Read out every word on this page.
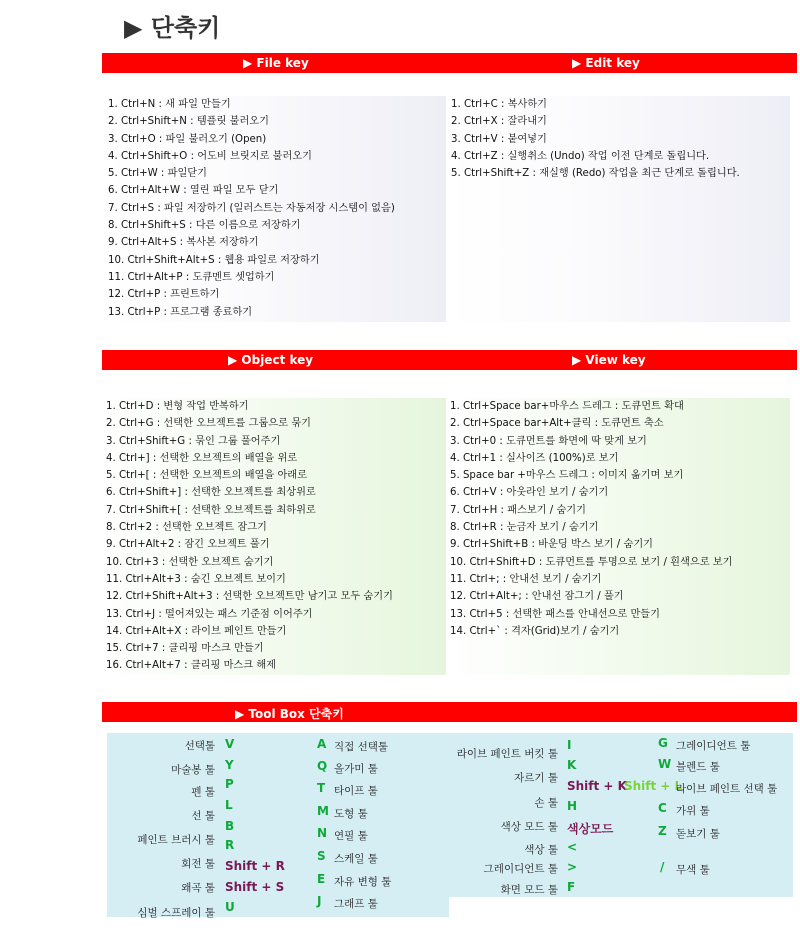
▶ 단축키
▶ File key	▶ Edit key
1. Ctrl+N : 새 파일 만들기
2. Ctrl+Shift+N : 템플릿 불러오기
3. Ctrl+O : 파일 불러오기 (Open)
4. Ctrl+Shift+O : 어도비 브릿지로 불러오기
5. Ctrl+W : 파일닫기
6. Ctrl+Alt+W : 열린 파일 모두 닫기
7. Ctrl+S : 파일 저장하기 (일러스트는 자동저장 시스템이 없음)
8. Ctrl+Shift+S : 다른 이름으로 저장하기
9. Ctrl+Alt+S : 복사본 저장하기
10. Ctrl+Shift+Alt+S : 웹용 파일로 저장하기
11. Ctrl+Alt+P : 도큐멘트 셋업하기
12. Ctrl+P : 프린트하기
13. Ctrl+P : 프로그램 종료하기
1. Ctrl+C : 복사하기
2. Ctrl+X : 잘라내기
3. Ctrl+V : 붙여넣기
4. Ctrl+Z : 실행취소 (Undo) 작업 이전 단계로 돌립니다.
5. Ctrl+Shift+Z : 재실행 (Redo) 작업을 최근 단계로 돌립니다.
▶ Object key	▶ View key
1. Ctrl+D : 변형 작업 반복하기
2. Ctrl+G : 선택한 오브젝트를 그룹으로 묶기
3. Ctrl+Shift+G : 묶인 그룹 풀어주기
4. Ctrl+] : 선택한 오브젝트의 배열을 위로
5. Ctrl+[ : 선택한 오브젝트의 배열을 아래로
6. Ctrl+Shift+] : 선택한 오브젝트를 최상위로
7. Ctrl+Shift+[ : 선택한 오브젝트를 최하위로
8. Ctrl+2 : 선택한 오브젝트 잠그기
9. Ctrl+Alt+2 : 잠긴 오브젝트 풀기
10. Ctrl+3 : 선택한 오브젝트 숨기기
11. Ctrl+Alt+3 : 숨긴 오브젝트 보이기
12. Ctrl+Shift+Alt+3 : 선택한 오브젝트만 남기고 모두 숨기기
13. Ctrl+J : 떨어져있는 패스 기준점 이어주기
14. Ctrl+Alt+X : 라이브 페인트 만들기
15. Ctrl+7 : 클리핑 마스크 만들기
16. Ctrl+Alt+7 : 클리핑 마스크 해제
1. Ctrl+Space bar+마우스 드레그 : 도큐먼트 확대
2. Ctrl+Space bar+Alt+클릭 : 도큐먼트 축소
3. Ctrl+0 : 도큐먼트를 화면에 딱 맞게 보기
4. Ctrl+1 : 실사이즈 (100%)로 보기
5. Space bar +마우스 드레그 : 이미지 옮기며 보기
6. Ctrl+V : 아웃라인 보기 / 숨기기
7. Ctrl+H : 패스보기 / 숨기기
8. Ctrl+R : 눈금자 보기 / 숨기기
9. Ctrl+Shift+B : 바운딩 박스 보기 / 숨기기
10. Ctrl+Shift+D : 도큐먼트를 투명으로 보기 / 흰색으로 보기
11. Ctrl+; : 안내선 보기 / 숨기기
12. Ctrl+Alt+; : 안내선 잠그기 / 풀기
13. Ctrl+5 : 선택한 패스를 안내선으로 만들기
14. Ctrl+` : 격자(Grid)보기 / 숨기기
▶ Tool Box 단축키
선택툴
마술봉 툴
펜 툴
선 툴
페인트 브러시 툴
회전 툴
왜곡 툴
심벌 스프레이 툴
V
Y
P
L
B
R
Shift + R
Shift + S
U
A
Q
T
M
N
S
E
J
직접 선택툴
올가미 툴
타이프 툴
도형 툴
연필 툴
스케일 툴
자유 변형 툴
그래프 툴
라이브 페인트 버킷 툴
자르기 툴
손 툴
색상 모드 툴
색상 툴
그레이디언트 툴
화면 모드 툴
I
K
Shift + K
H
색상모드
<
>
F
G
W
Shift + L
C
Z
/
그레이디언트 툴
블렌드 툴
라이브 페인트 선택 툴
가위 툴
돋보기 툴
무색 툴
